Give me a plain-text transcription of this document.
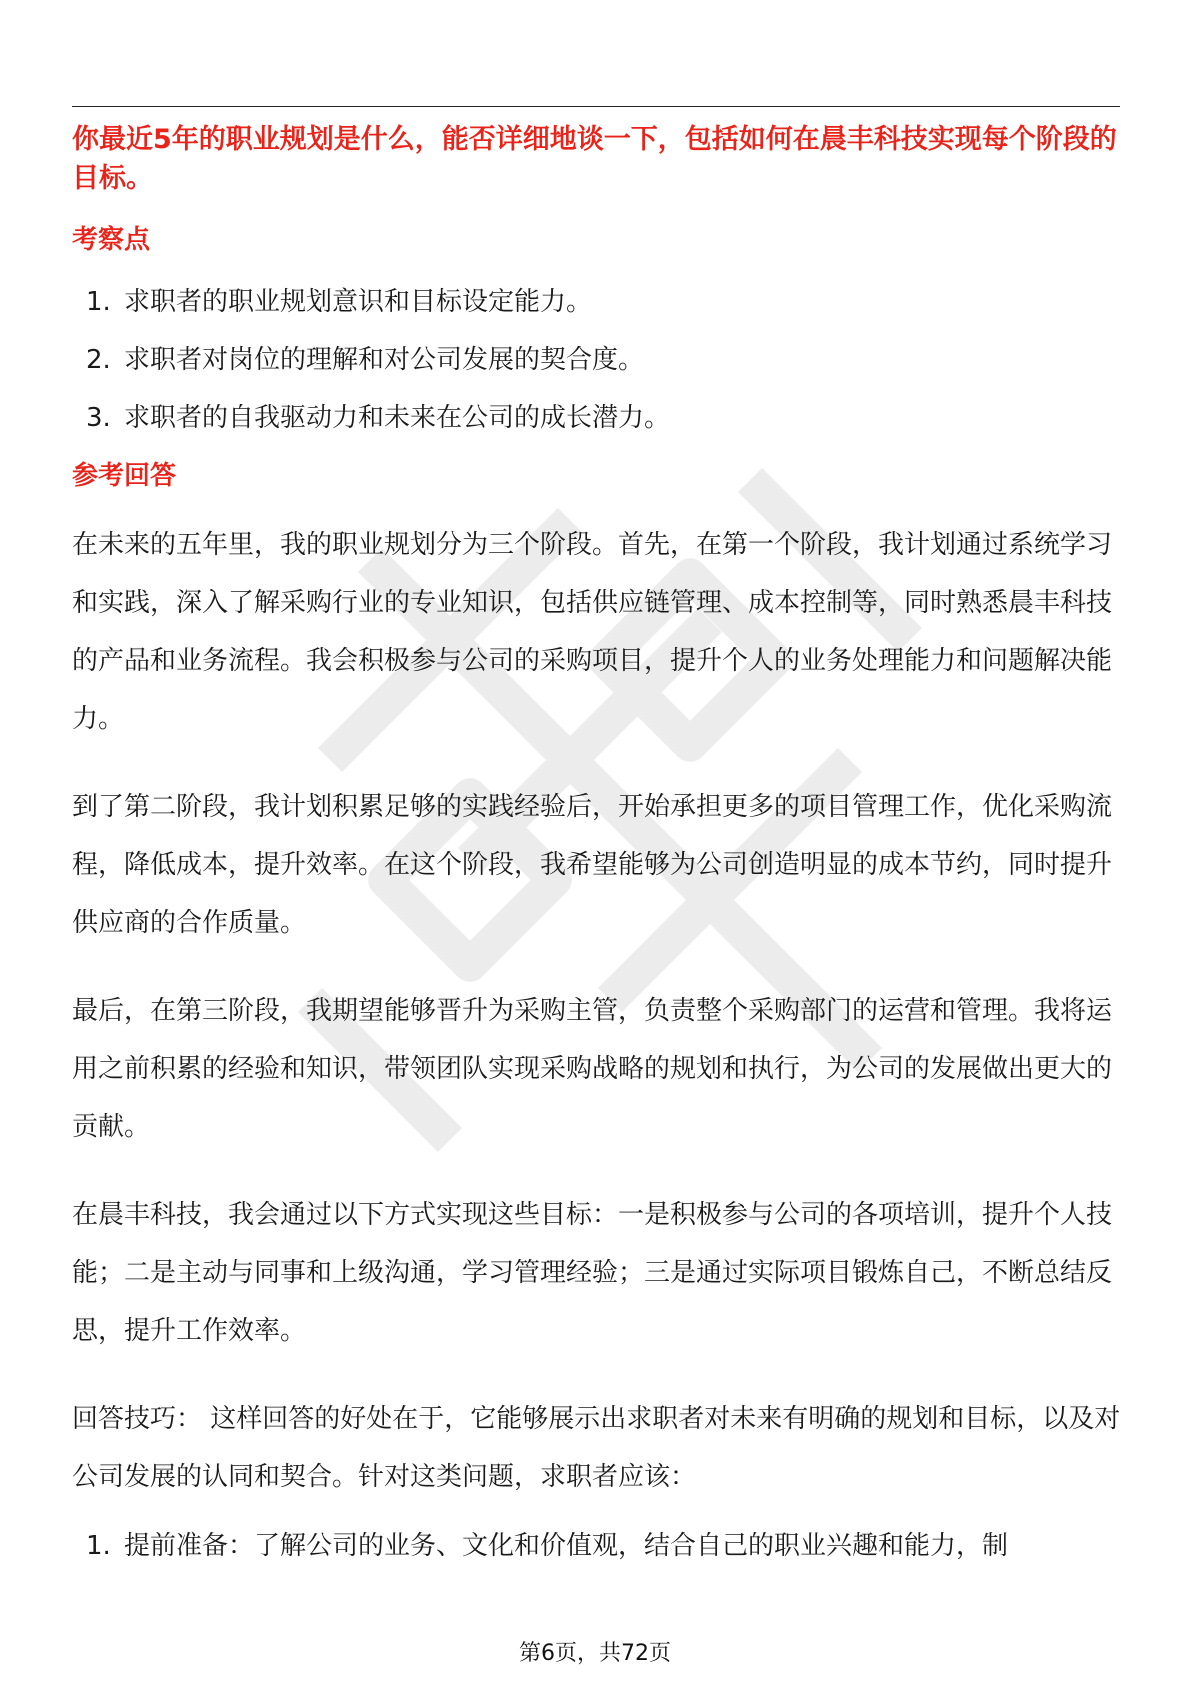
你最近5年的职业规划是什么，能否详细地谈一下，包括如何在晨丰科技实现每个阶段的目标。

考察点
1. 求职者的职业规划意识和目标设定能力。
2. 求职者对岗位的理解和对公司发展的契合度。
3. 求职者的自我驱动力和未来在公司的成长潜力。
参考回答

在未来的五年里，我的职业规划分为三个阶段。首先，在第一个阶段，我计划通过系统学习和实践，深入了解采购行业的专业知识，包括供应链管理、成本控制等，同时熟悉晨丰科技的产品和业务流程。我会积极参与公司的采购项目，提升个人的业务处理能力和问题解决能力。

到了第二阶段，我计划积累足够的实践经验后，开始承担更多的项目管理工作，优化采购流程，降低成本，提升效率。在这个阶段，我希望能够为公司创造明显的成本节约，同时提升供应商的合作质量。

最后，在第三阶段，我期望能够晋升为采购主管，负责整个采购部门的运营和管理。我将运用之前积累的经验和知识，带领团队实现采购战略的规划和执行，为公司的发展做出更大的贡献。

在晨丰科技，我会通过以下方式实现这些目标：一是积极参与公司的各项培训，提升个人技能；二是主动与同事和上级沟通，学习管理经验；三是通过实际项目锻炼自己，不断总结反思，提升工作效率。

回答技巧： 这样回答的好处在于，它能够展示出求职者对未来有明确的规划和目标，以及对公司发展的认同和契合。针对这类问题，求职者应该：

1. 提前准备：了解公司的业务、文化和价值观，结合自己的职业兴趣和能力，制
第6页，共72页
